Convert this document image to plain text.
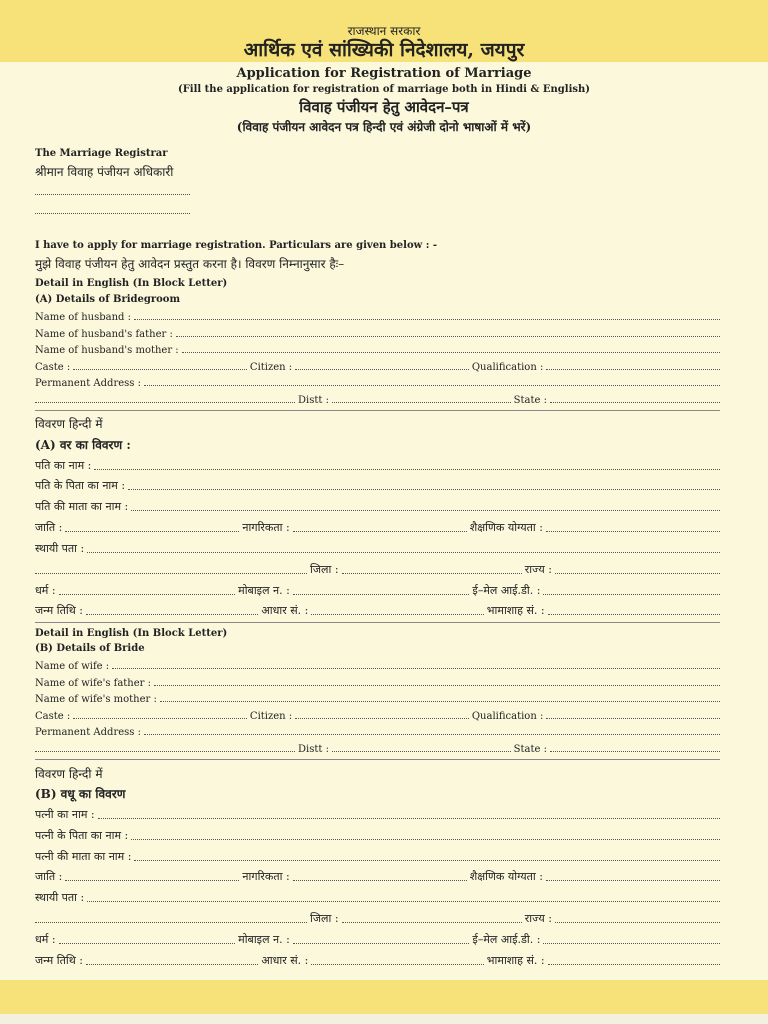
राजस्थान सरकार
आर्थिक एवं सांख्यिकी निदेशालय, जयपुर
Application for Registration of Marriage
(Fill the application for registration of marriage both in Hindi & English)
विवाह पंजीयन हेतु आवेदन–पत्र
(विवाह पंजीयन आवेदन पत्र हिन्दी एवं अंग्रेजी दोनो भाषाओं में भरें)
The Marriage Registrar
श्रीमान विवाह पंजीयन अधिकारी
I have to apply for marriage registration. Particulars are given below : -
मुझे विवाह पंजीयन हेतु आवेदन प्रस्तुत करना है। विवरण निम्नानुसार हैः–
Detail in English (In Block Letter)
(A) Details of Bridegroom
Name of husband :
Name of husband's father :
Name of husband's mother :
Caste :	Citizen :	Qualification :
Permanent Address :
Distt :	State :
विवरण हिन्दी में
(A) वर का विवरण :
पति का नाम :
पति के पिता का नाम :
पति की माता का नाम :
जाति :	नागरिकता :	शैक्षणिक योग्यता :
स्थायी पता :
जिला :	राज्य :
धर्म :	मोबाइल न. :	ई–मेल आई.डी. :
जन्म तिथि :	आधार सं. :	भामाशाह सं. :
Detail in English (In Block Letter)
(B) Details of Bride
Name of wife :
Name of wife's father :
Name of wife's mother :
Caste :	Citizen :	Qualification :
Permanent Address :
Distt :	State :
विवरण हिन्दी में
(B) वधू का विवरण
पत्नी का नाम :
पत्नी के पिता का नाम :
पत्नी की माता का नाम :
जाति :	नागरिकता :	शैक्षणिक योग्यता :
स्थायी पता :
जिला :	राज्य :
धर्म :	मोबाइल न. :	ई–मेल आई.डी. :
जन्म तिथि :	आधार सं. :	भामाशाह सं. :
